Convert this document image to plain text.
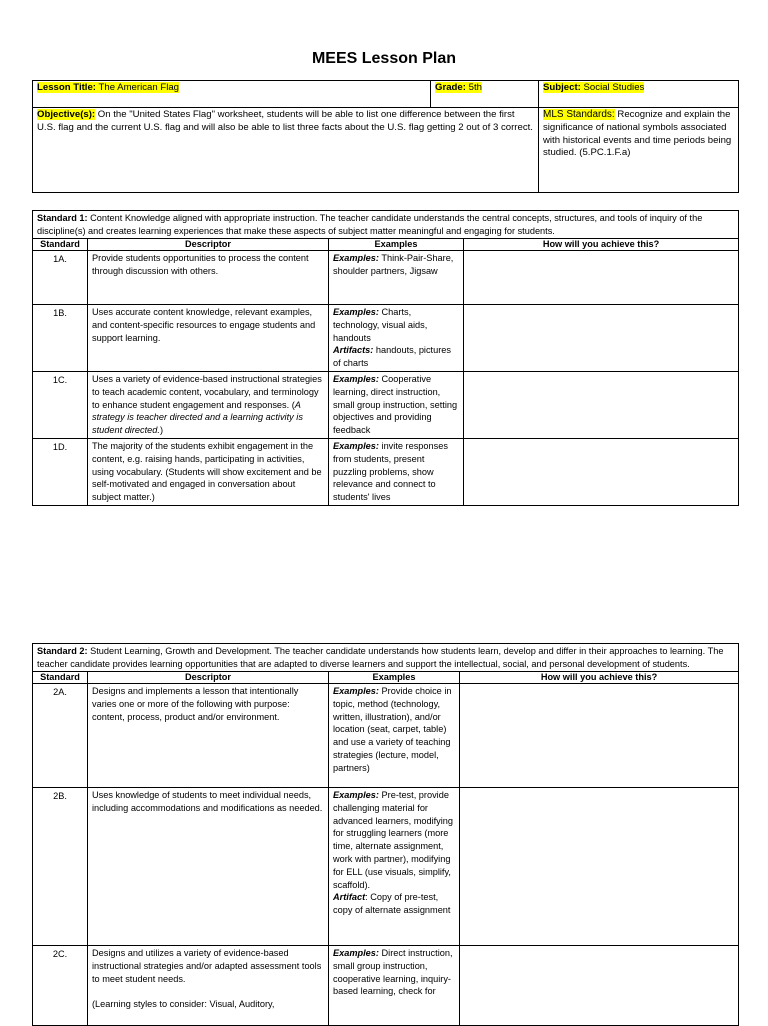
MEES Lesson Plan
Lesson Title: The American Flag	Grade: 5th	Subject: Social Studies
Objective(s): On the "United States Flag" worksheet, students will be able to list one difference between the first U.S. flag and the current U.S. flag and will also be able to list three facts about the U.S. flag getting 2 out of 3 correct.		MLS Standards: Recognize and explain the significance of national symbols associated with historical events and time periods being studied. (5.PC.1.F.a)
Standard 1: Content Knowledge aligned with appropriate instruction. The teacher candidate understands the central concepts, structures, and tools of inquiry of the discipline(s) and creates learning experiences that make these aspects of subject matter meaningful and engaging for students.			
Standard	Descriptor	Examples	How will you achieve this?
1A.	Provide students opportunities to process the content through discussion with others.	Examples: Think-Pair-Share, shoulder partners, Jigsaw	
1B.	Uses accurate content knowledge, relevant examples, and content-specific resources to engage students and support learning.	Examples: Charts, technology, visual aids, handouts
Artifacts: handouts, pictures of charts	
1C.	Uses a variety of evidence-based instructional strategies to teach academic content, vocabulary, and terminology to enhance student engagement and responses. (A strategy is teacher directed and a learning activity is student directed.)	Examples: Cooperative learning, direct instruction, small group instruction, setting objectives and providing feedback	
1D.	The majority of the students exhibit engagement in the content, e.g. raising hands, participating in activities, using vocabulary. (Students will show excitement and be self-motivated and engaged in conversation about subject matter.)	Examples: invite responses from students, present puzzling problems, show relevance and connect to students' lives	
Standard 2: Student Learning, Growth and Development. The teacher candidate understands how students learn, develop and differ in their approaches to learning. The teacher candidate provides learning opportunities that are adapted to diverse learners and support the intellectual, social, and personal development of students.			
Standard	Descriptor	Examples	How will you achieve this?
2A.	Designs and implements a lesson that intentionally varies one or more of the following with purpose: content, process, product and/or environment.	Examples: Provide choice in topic, method (technology, written, illustration), and/or location (seat, carpet, table) and use a variety of teaching strategies (lecture, model, partners)	
2B.	Uses knowledge of students to meet individual needs, including accommodations and modifications as needed.	Examples: Pre-test, provide challenging material for advanced learners, modifying for struggling learners (more time, alternate assignment, work with partner), modifying for ELL (use visuals, simplify, scaffold).
Artifact: Copy of pre-test, copy of alternate assignment	
2C.	Designs and utilizes a variety of evidence-based instructional strategies and/or adapted assessment tools to meet student needs.

(Learning styles to consider: Visual, Auditory,	Examples: Direct instruction, small group instruction, cooperative learning, inquiry-based learning, check for	
